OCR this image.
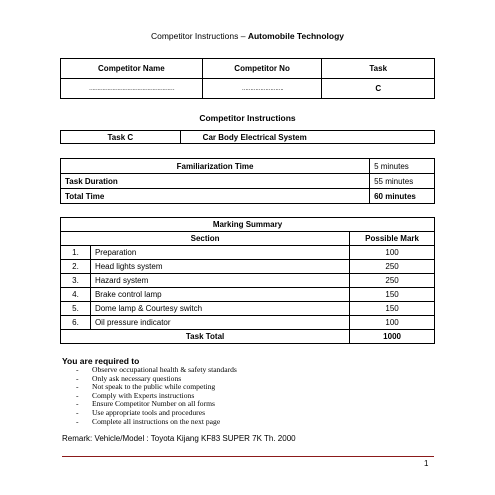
Competitor Instructions – Automobile Technology
Competitor Name	Competitor No	Task
……………………………………………	…………………….	C
Competitor Instructions
Task C	Car Body Electrical System
Familiarization Time	5 minutes
Task Duration	55 minutes
Total Time	60 minutes
Marking Summary		
Section		Possible Mark
1.	Preparation	100
2.	Head lights system	250
3.	Hazard system	250
4.	Brake control lamp	150
5.	Dome lamp & Courtesy switch	150
6.	Oil pressure indicator	100
Task Total		1000
You are required to
-	Observe occupational health & safety standards
-	Only ask necessary questions
-	Not speak to the public while competing
-	Comply with Experts instructions
-	Ensure Competitor Number on all forms
-	Use appropriate tools and procedures
-	Complete all instructions on the next page
Remark: Vehicle/Model : Toyota Kijang KF83 SUPER 7K Th. 2000
1
